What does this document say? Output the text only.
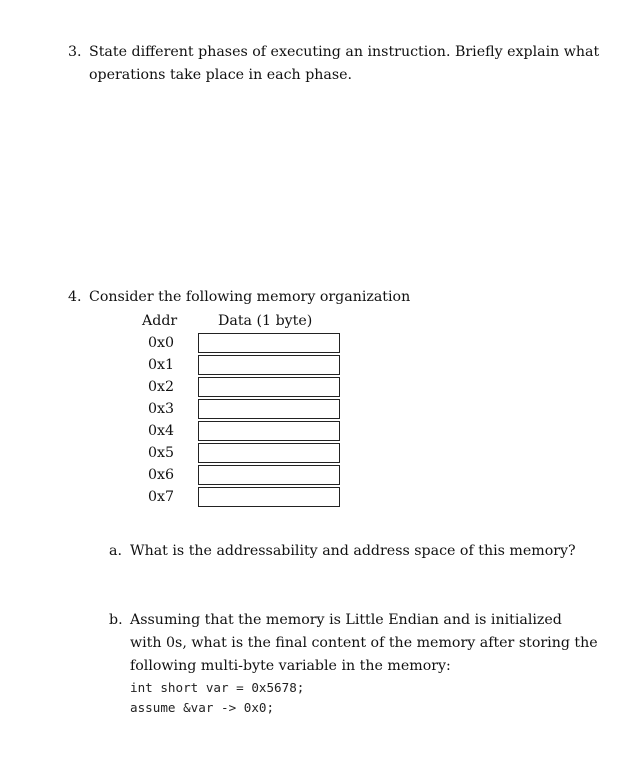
3. State different phases of executing an instruction. Briefly explain what
operations take place in each phase.
4. Consider the following memory organization
Addr	Data (1 byte)
0x0	

0x1	

0x2	

0x3	

0x4	

0x5	

0x6	

0x7	
a. What is the addressability and address space of this memory?
b. Assuming that the memory is Little Endian and is initialized
with 0s, what is the final content of the memory after storing the
following multi-byte variable in the memory:
int short var = 0x5678;
assume &var -> 0x0;
